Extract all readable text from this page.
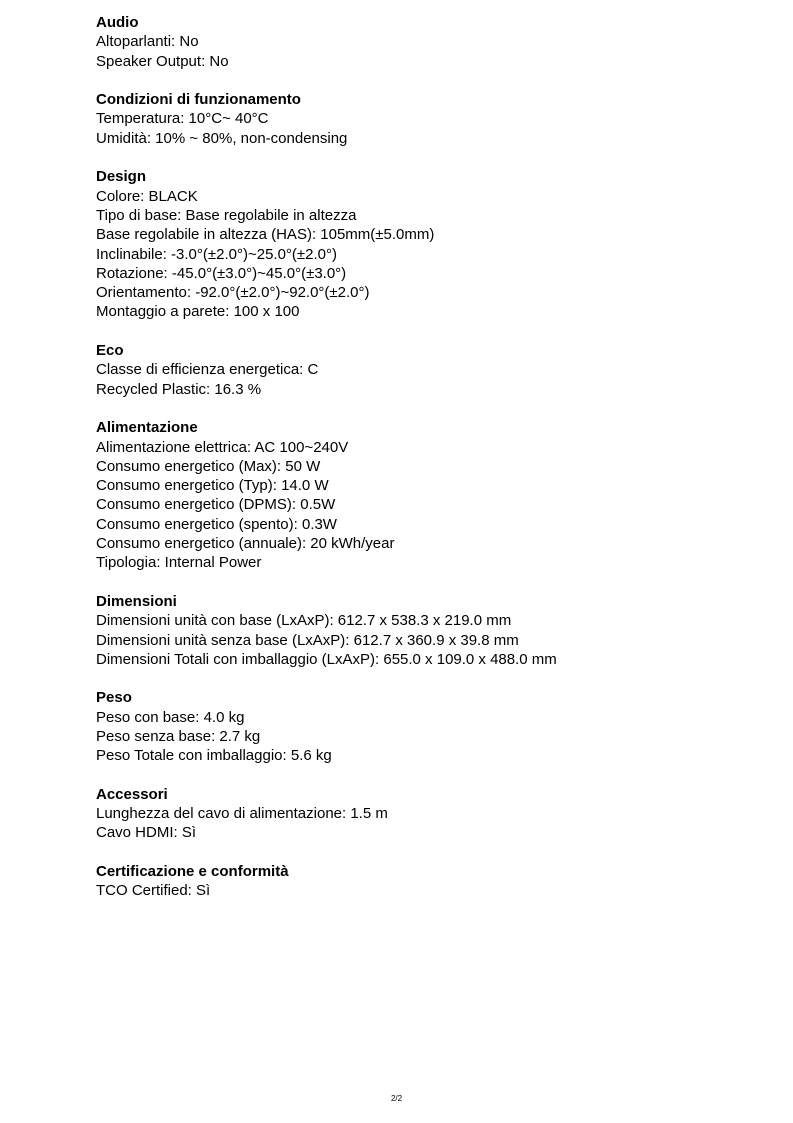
Audio
Altoparlanti: No
Speaker Output: No
Condizioni di funzionamento
Temperatura: 10°C~ 40°C
Umidità: 10% ~ 80%, non-condensing
Design
Colore: BLACK
Tipo di base: Base regolabile in altezza
Base regolabile in altezza (HAS): 105mm(±5.0mm)
Inclinabile: -3.0°(±2.0°)~25.0°(±2.0°)
Rotazione: -45.0°(±3.0°)~45.0°(±3.0°)
Orientamento: -92.0°(±2.0°)~92.0°(±2.0°)
Montaggio a parete: 100 x 100
Eco
Classe di efficienza energetica: C
Recycled Plastic: 16.3 %
Alimentazione
Alimentazione elettrica: AC 100~240V
Consumo energetico (Max): 50 W
Consumo energetico (Typ): 14.0 W
Consumo energetico (DPMS): 0.5W
Consumo energetico (spento): 0.3W
Consumo energetico (annuale): 20 kWh/year
Tipologia: Internal Power
Dimensioni
Dimensioni unità con base (LxAxP): 612.7 x 538.3 x 219.0 mm
Dimensioni unità senza base (LxAxP): 612.7 x 360.9 x 39.8 mm
Dimensioni Totali con imballaggio (LxAxP): 655.0 x 109.0 x 488.0 mm
Peso
Peso con base: 4.0 kg
Peso senza base: 2.7 kg
Peso Totale con imballaggio: 5.6 kg
Accessori
Lunghezza del cavo di alimentazione: 1.5 m
Cavo HDMI: Sì
Certificazione e conformità
TCO Certified: Sì
2/2
